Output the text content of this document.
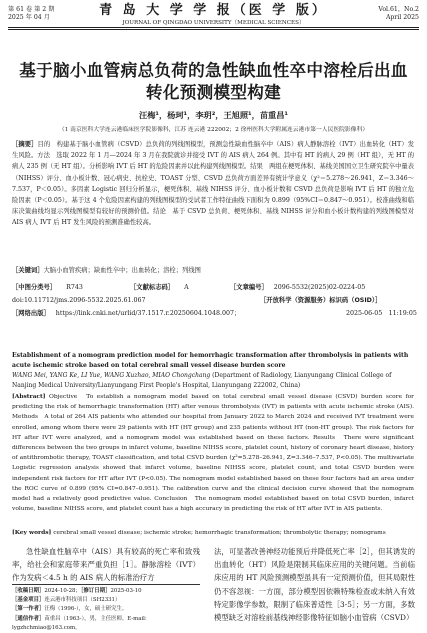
第 61 卷 第 2 期
2025 年 04 月	青 岛 大 学 学 报（医 学 版）
JOURNAL OF QINGDAO UNIVERSITY（MEDICAL SCIENCES）
Vol.61，No.2
April 2025
基于脑小血管病总负荷的急性缺血性卒中溶栓后出血
转化预测模型构建
汪梅¹，杨珂¹，李玥²，王旭照¹，苗重昌¹
（1 南京医科大学连云港临床医学院影像科，江苏 连云港 222002；2 徐州医科大学附属连云港市第一人民医院影像科）
［摘要］目的　构建基于脑小血管病（CSVD）总负荷的列线图模型，预测急性缺血性脑卒中（AIS）病人静脉溶栓（IVT）出血转化（HT）发生风险。方法　选取 2022 年 1 月—2024 年 3 月在我院就诊并接受 IVT 的 AIS 病人 264 例。其中有 HT 的病人 29 例（HT 组），无 HT 的病人 235 例（无 HT 组）。分析影响 IVT 后 HT 的危险因素并以此构建列线图模型。结果　两组在梗死体积、基线美国国立卫生研究院卒中量表（NIHSS）评分、血小板计数、冠心病史、抗栓史、TOAST 分型、CSVD 总负荷方面差异有统计学意义（χ²＝5.278～26.941，Z＝3.346～7.537，P＜0.05）。多因素 Logistic 回归分析显示，梗死体积、基线 NIHSS 评分、血小板计数和 CSVD 总负荷是影响 IVT 后 HT 的独立危险因素（P＜0.05）。基于这 4 个危险因素构建的列线图模型的受试者工作特征曲线下面积为 0.899（95%CI＝0.847～0.951）。校准曲线和临床决策曲线均显示列线图模型有较好的预测价值。结论　基于 CSVD 总负荷、梗死体积、基线 NIHSS 评分和血小板计数构建的列线图模型对 AIS 病人 IVT 后 HT 发生风险的预测准确性较高。
［关键词］大脑小血管疾病；缺血性卒中；出血转化；溶栓；列线图
［中图分类号］ R743	［文献标志码］ A	［文章编号］ 2096-5532(2025)02-0224-05
doi:10.11712/jms.2096-5532.2025.61.067	［开放科学（资源服务）标识码（OSID）］
［网络出版］ https://link.cnki.net/urlid/37.1517.r.20250604.1048.007；	2025-06-05　11:19:05
Establishment of a nomogram prediction model for hemorrhagic transformation after thrombolysis in patients with acute ischemic stroke based on total cerebral small vessel disease burden score
WANG Mei, YANG Ke, LI Yue, WANG Xuzhao, MIAO Chongchang (Department of Radiology, Lianyungang Clinical College of Nanjing Medical University/Lianyungang First People's Hospital, Lianyungang 222002, China)
[Abstract] Objective　To establish a nomogram model based on total cerebral small vessel disease (CSVD) burden score for predicting the risk of hemorrhagic transformation (HT) after venous thrombolysis (IVT) in patients with acute ischemic stroke (AIS). Methods　A total of 264 AIS patients who attended our hospital from January 2022 to March 2024 and received IVT treatment were enrolled, among whom there were 29 patients with HT (HT group) and 235 patients without HT (non-HT group). The risk factors for HT after IVT were analyzed, and a nomogram model was established based on these factors. Results　There were significant differences between the two groups in infarct volume, baseline NIHSS score, platelet count, history of coronary heart disease, history of antithrombotic therapy, TOAST classification, and total CSVD burden (χ²=5.278–26.941, Z=3.346–7.537, P<0.05). The multivariate Logistic regression analysis showed that infarct volume, baseline NIHSS score, platelet count, and total CSVD burden were independent risk factors for HT after IVT (P<0.05). The nomogram model established based on these four factors had an area under the ROC curve of 0.899 (95% CI=0.847–0.951). The calibration curve and the clinical decision curve showed that the nomogram model had a relatively good predictive value. Conclusion　The nomogram model established based on total CSVD burden, infarct volume, baseline NIHSS score, and platelet count has a high accuracy in predicting the risk of HT after IVT in AIS patients.
[Key words] cerebral small vessel disease; ischemic stroke; hemorrhagic transformation; thrombolytic therapy; nomograms
急性缺血性脑卒中（AIS）具有较高的死亡率和致残率，给社会和家庭带来严重负担［1］。静脉溶栓（IVT）作为发病＜4.5 h 的 AIS 病人的标准治疗方
法，可显著改善神经功能预后并降低死亡率［2］，但其诱发的出血转化（HT）风险是限制其临床应用的关键问题。当前临床应用的 HT 风险预测模型虽具有一定预测价值，但其局限性仍不容忽视：一方面，部分模型因依赖特殊检查或未纳入有效特定影像学参数，限制了临床普适性［3-5］；另一方面，多数模型缺乏对溶栓前基线神经影像特征如脑小血管病（CSVD）
［收稿日期］2024-10-28；［修订日期］2025-03-10
［基金项目］连云港市科技项目（SH2331）
［第一作者］汪梅（1996-），女，硕士研究生。
［通信作者］苗重昌（1963-），男，主任医师。E-mail: lygzhchmiao@163.com。
